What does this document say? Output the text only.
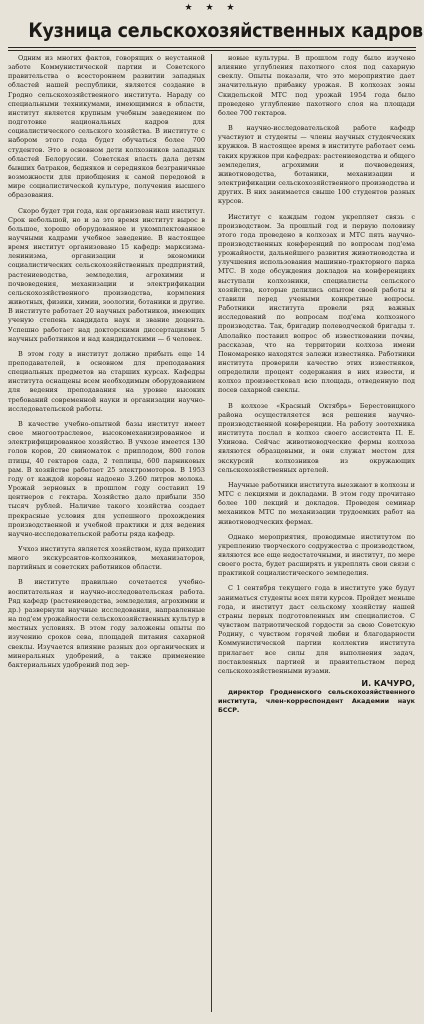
★ ★ ★
Кузница сельскохозяйственных кадров

Одним из многих фактов, говорящих о неустанной заботе Коммунистической партии и Советского правительства о всестороннем развитии западных областей нашей республики, является создание в Гродно сельскохозяйственного института. Нараду со специальными техникумами, имеющимися в области, институт является крупным учебным заведением по подготовке национальных кадров для социалистического сельского хозяйства. В институте с набором этого года будет обучаться более 700 студентов. Это в основном дети колхозников западных областей Белоруссии. Советская власть дала детям бывших батраков, бедняков и середняков безграничные возможности для приобщения к самой передовой в мире социалистической культуре, получения высшего образования.

Скоро будет три года, как организован наш институт. Срок небольшой, но и за это время институт вырос в большое, хорошо оборудованное и укомплектованное научными кадрами учебное заведение. В настоящее время институт организовано 15 кафедр: марксизма-ленинизма, организации и экономики социалистических сельскохозяйственных предприятий, растениеводства, земледелия, агрохимии и почвоведения, механизации и электрификации сельскохозяйственного производства, кормления животных, физики, химии, зоологии, ботаники и другие. В институте работает 20 научных работников, имеющих ученую степень кандидата наук и звание доцента. Успешно работает над докторскими диссертациями 5 научных работников и над кандидатскими — 6 человек.

В этом году в институт должно прибыть еще 14 преподавателей, в основном для преподавания специальных предметов на старших курсах. Кафедры института оснащены всем необходимым оборудованием для ведения преподавания на уровне высоких требований современной науки и организации научно-исследовательской работы.

В качестве учебно-опытной базы институт имеет свое многоотраслевое, высокомеханизированное и электрифицированное хозяйство. В учхозе имеется 130 голов коров, 20 свиноматок с приплодом, 800 голов птицы, 40 гектаров сада, 2 теплицы, 600 парниковых рам. В хозяйстве работает 25 электромоторов. В 1953 году от каждой коровы надоено 3.260 литров молока. Урожай зерновых в прошлом году составил 19 центнеров с гектара. Хозяйство дало прибыли 350 тысяч рублей. Наличие такого хозяйства создает прекрасные условия для успешного прохождения производственной и учебной практики и для ведения научно-исследовательской работы ряда кафедр.

Учхоз института является хозяйством, куда приходит много экскурсантов-колхозников, механизаторов, партийных и советских работников области.

В институте правильно сочетается учебно-воспитательная и научно-исследовательская работа. Ряд кафедр (растениеводства, земледелия, агрохимии и др.) развернули научные исследования, направленные на под'ем урожайности сельскохозяйственных культур в местных условиях. В этом году заложены опыты по изучению сроков сева, площадей питания сахарной свеклы. Изучается влияние разных доз органических и минеральных удобрений, а также применение бактериальных удобрений под зер-

новые культуры. В прошлом году было изучено влияние углубления пахотного слоя под сахарную свеклу. Опыты показали, что это мероприятие дает значительную прибавку урожая. В колхозах зоны Скидельской МТС под урожай 1954 года было проведено углубление пахотного слоя на площади более 700 гектаров.

В научно-исследовательской работе кафедр участвуют и студенты — члены научных студенческих кружков. В настоящее время в институте работает семь таких кружков при кафедрах: растениеводства и общего земледелия, агрохимии и почвоведения, животноводства, ботаники, механизации и электрификации сельскохозяйственного производства и других. В них занимается свыше 100 студентов разных курсов.

Институт с каждым годом укрепляет связь с производством. За прошлый год и первую половину этого года проведено в колхозах и МТС пять научно-производственных конференций по вопросам под'ема урожайности, дальнейшего развития животноводства и улучшения использования машинно-тракторного парка МТС. В ходе обсуждения докладов на конференциях выступали колхозники, специалисты сельского хозяйства, которые делились опытом своей работы и ставили перед учеными конкретные вопросы. Работники института провели ряд важных исследований по вопросам под'ема колхозного производства. Так, бригадир полеводческой бригады т. Аполайко поставил вопрос об известковании почвы, рассказав, что на территории колхоза имени Пономаренко находятся залежи известняка. Работники института проверили качество этих известняков, определили процент содержания в них извести, и колхоз произвестковал всю площадь, отведенную под посев сахарной свеклы.

В колхозе «Красный Октябрь» Берестовицкого района осуществляется вся решения научно-производственной конференции. На работу зоотехника института послал в колхоз своего ассистента П. Е. Ухинова. Сейчас животноводческие фермы колхоза являются образцовыми, и они служат местом для экскурсий колхозников из окружающих сельскохозяйственных артелей.

Научные работники института выезжают в колхозы и МТС с лекциями и докладами. В этом году прочитано более 100 лекций и докладов. Проведен семинар механиков МТС по механизации трудоемких работ на животноводческих фермах.

Однако мероприятия, проводимые институтом по укреплению творческого содружества с производством, являются все еще недостаточными, и институт, по мере своего роста, будет расширять и укреплять свои связи с практикой социалистического земледелия.

С 1 сентября текущего года в институте уже будут заниматься студенты всех пяти курсов. Пройдет меньше года, и институт даст сельскому хозяйству нашей страны первых подготовленных им специалистов. С чувством патриотической гордости за свою Советскую Родину, с чувством горячей любви и благодарности Коммунистической партии коллектив института прилагает все силы для выполнения задач, поставленных партией и правительством перед сельскохозяйственными вузами.

И. КАЧУРО,

директор Гродненского сельскохозяйственного института, член-корреспондент Академии наук БССР.
